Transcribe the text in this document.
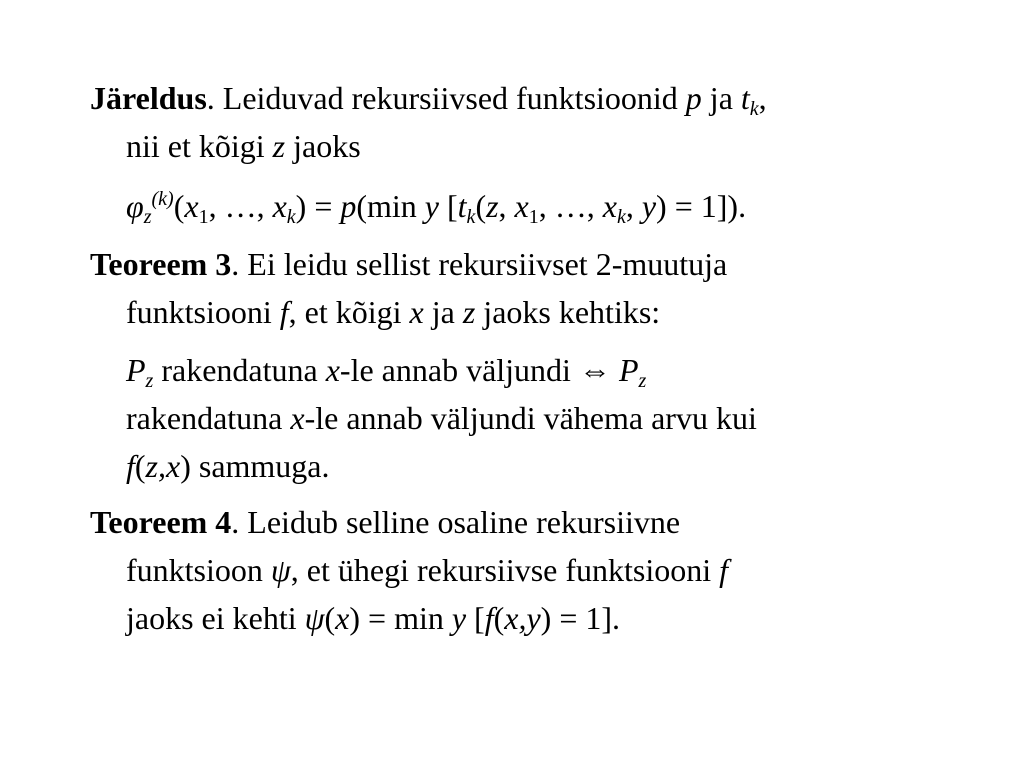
Järeldus. Leiduvad rekursiivsed funktsioonid p ja $t_k$,
nii et kõigi z jaoks
$\varphi_z^{(k)}(x_1$, …, $x_k) = p(\min$ y [$t_k(z$, $x_1$, …, $x_k$, y) = 1]).
Teoreem 3. Ei leidu sellist rekursiivset 2-muutuja
funktsiooni f, et kõigi x ja z jaoks kehtiks:
$P_z$ rakendatuna x-le annab väljundi ⇔ $P_z$
rakendatuna x-le annab väljundi vähema arvu kui
f(z,x) sammuga.
Teoreem 4. Leidub selline osaline rekursiivne
funktsioon ψ, et ühegi rekursiivse funktsiooni f
jaoks ei kehti ψ(x) = min y [f(x,y) = 1].
